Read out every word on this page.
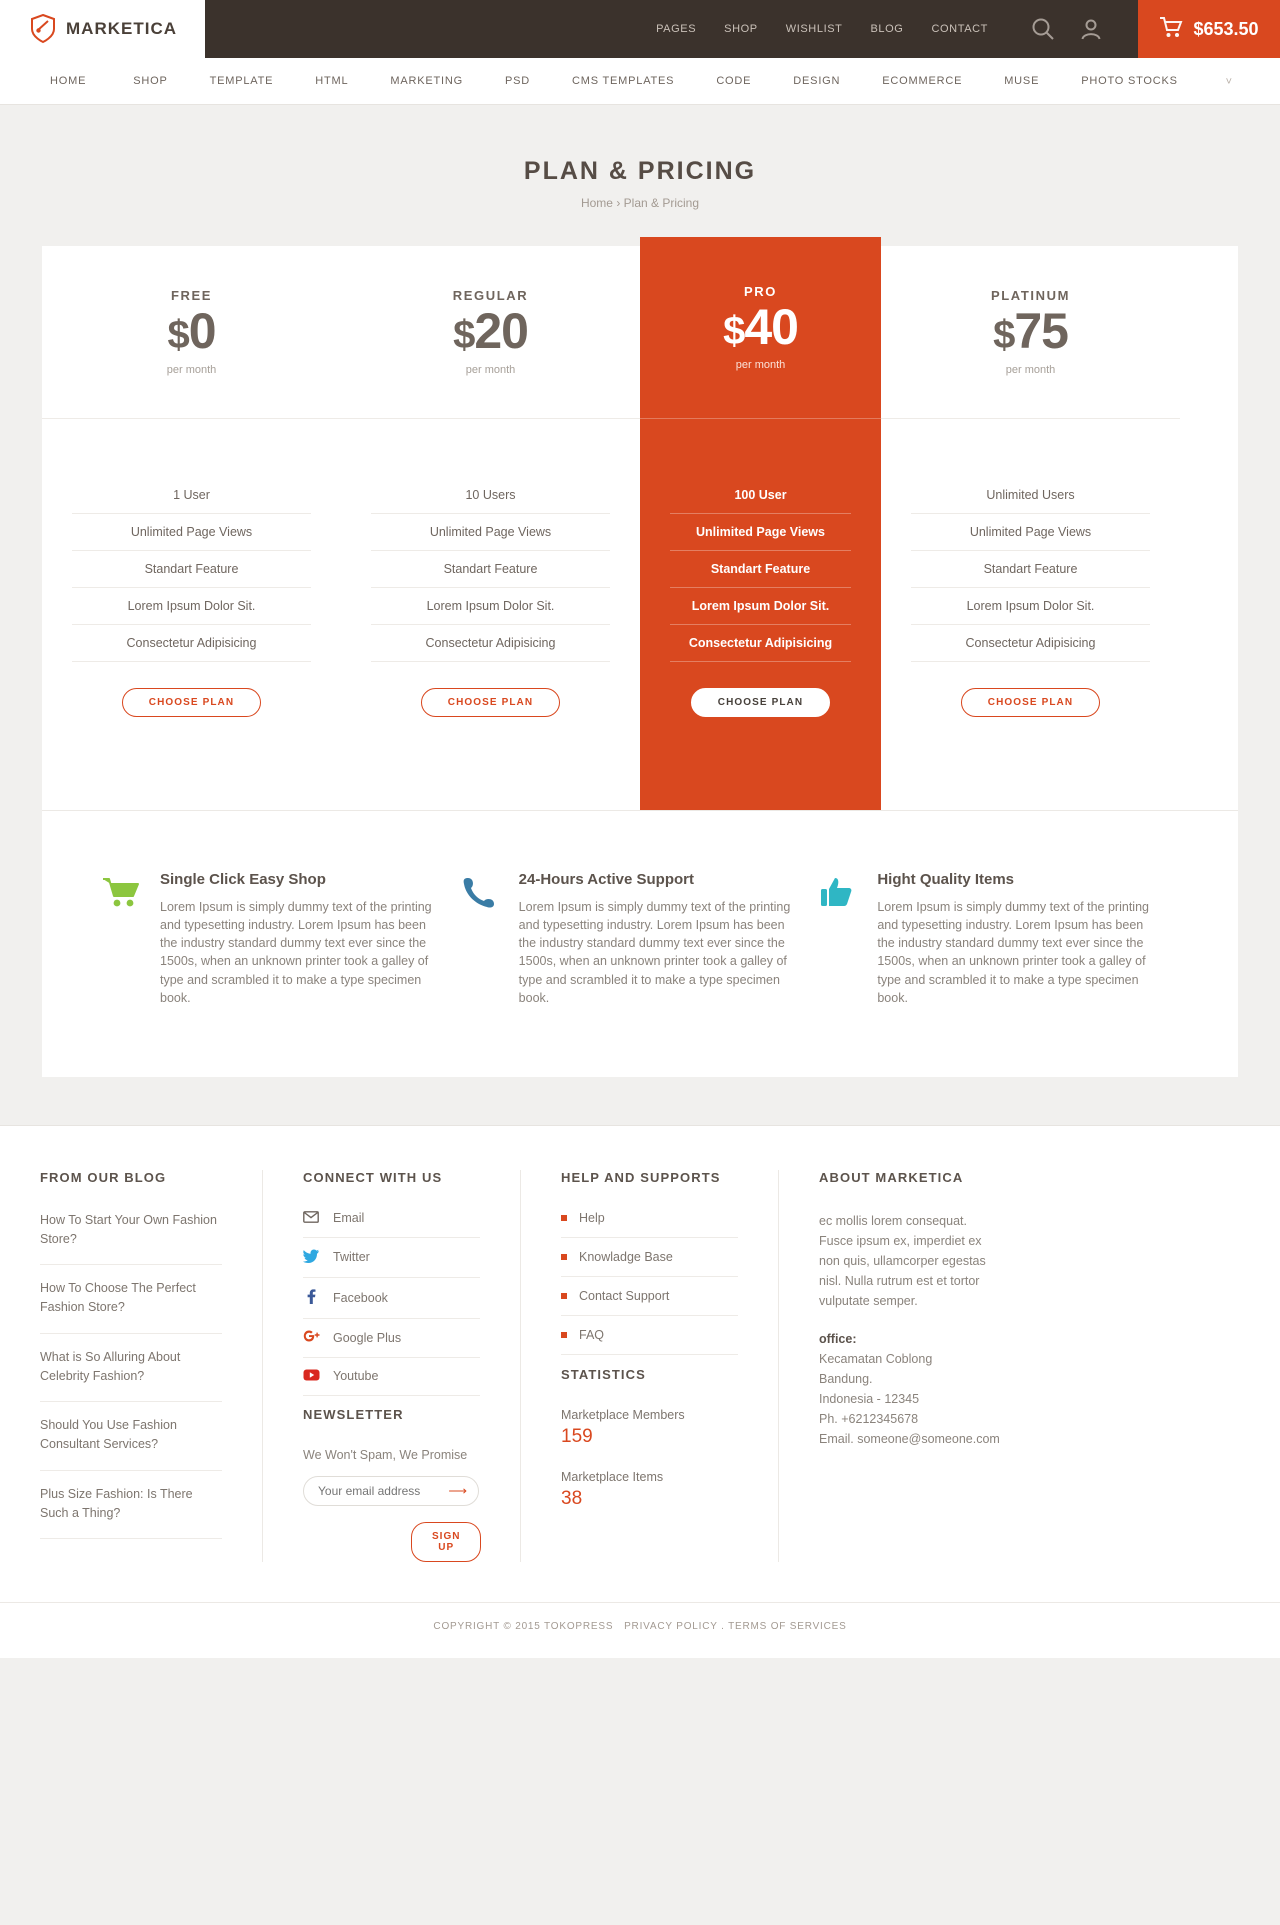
MARKETICA	PAGES	SHOP	WISHLIST	BLOG	CONTACT	$653.50
HOME	SHOP	TEMPLATE	HTML	MARKETING	PSD	CMS TEMPLATES	CODE	DESIGN	ECOMMERCE	MUSE	PHOTO STOCKS	˅
PLAN & PRICING
Home › Plan & Pricing
FREE
$0
per month
1 User
Unlimited Page Views
Standart Feature
Lorem Ipsum Dolor Sit.
Consectetur Adipisicing
CHOOSE PLAN
REGULAR
$20
per month
10 Users
Unlimited Page Views
Standart Feature
Lorem Ipsum Dolor Sit.
Consectetur Adipisicing
CHOOSE PLAN
PRO
$40
per month
100 User
Unlimited Page Views
Standart Feature
Lorem Ipsum Dolor Sit.
Consectetur Adipisicing
CHOOSE PLAN
PLATINUM
$75
per month
Unlimited Users
Unlimited Page Views
Standart Feature
Lorem Ipsum Dolor Sit.
Consectetur Adipisicing
CHOOSE PLAN
Single Click Easy Shop

Lorem Ipsum is simply dummy text of the printing and typesetting industry. Lorem Ipsum has been the industry standard dummy text ever since the 1500s, when an unknown printer took a galley of type and scrambled it to make a type specimen book.

24-Hours Active Support

Lorem Ipsum is simply dummy text of the printing and typesetting industry. Lorem Ipsum has been the industry standard dummy text ever since the 1500s, when an unknown printer took a galley of type and scrambled it to make a type specimen book.

Hight Quality Items

Lorem Ipsum is simply dummy text of the printing and typesetting industry. Lorem Ipsum has been the industry standard dummy text ever since the 1500s, when an unknown printer took a galley of type and scrambled it to make a type specimen book.

FROM OUR BLOG
How To Start Your Own Fashion Store?
How To Choose The Perfect Fashion Store?
What is So Alluring About Celebrity Fashion?
Should You Use Fashion Consultant Services?
Plus Size Fashion: Is There Such a Thing?
CONNECT WITH US
Email
Twitter
Facebook
Google Plus
Youtube
NEWSLETTER

We Won't Spam, We Promise

Your email address
⟶
SIGN UP
HELP AND SUPPORTS
Help
Knowladge Base
Contact Support
FAQ
STATISTICS

Marketplace Members

159

Marketplace Items

38

ABOUT MARKETICA

ec mollis lorem consequat. Fusce ipsum ex, imperdiet ex non quis, ullamcorper egestas nisl. Nulla rutrum est et tortor vulputate semper.

office:
Kecamatan Coblong
Bandung.
Indonesia - 12345
Ph. +6212345678
Email. someone@someone.com
COPYRIGHT © 2015 TOKOPRESS PRIVACY POLICY . TERMS OF SERVICES
